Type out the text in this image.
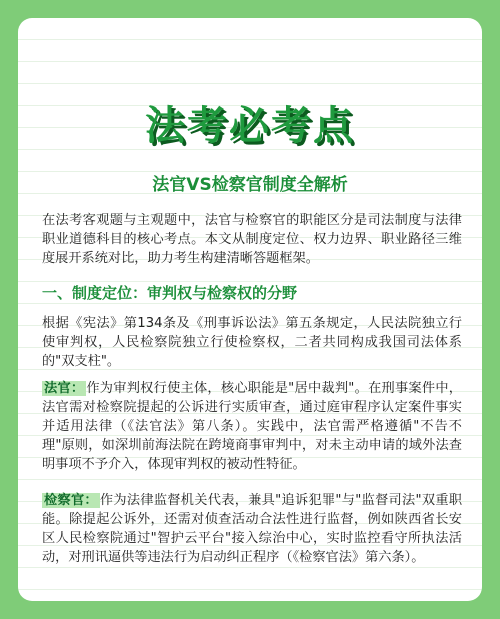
法考必考点
法官VS检察官制度全解析
在法考客观题与主观题中，法官与检察官的职能区分是司法制度与法律职业道德科目的核心考点。本文从制度定位、权力边界、职业路径三维度展开系统对比，助力考生构建清晰答题框架。
一、制度定位：审判权与检察权的分野
根据《宪法》第134条及《刑事诉讼法》第五条规定，人民法院独立行使审判权，人民检察院独立行使检察权，二者共同构成我国司法体系的"双支柱"。
法官： 作为审判权行使主体，核心职能是"居中裁判"。在刑事案件中，法官需对检察院提起的公诉进行实质审查，通过庭审程序认定案件事实并适用法律（《法官法》第八条）。实践中，法官需严格遵循"不告不理"原则，如深圳前海法院在跨境商事审判中，对未主动申请的域外法查明事项不予介入，体现审判权的被动性特征。
检察官： 作为法律监督机关代表，兼具"追诉犯罪"与"监督司法"双重职能。除提起公诉外，还需对侦查活动合法性进行监督，例如陕西省长安区人民检察院通过"智护云平台"接入综治中心，实时监控看守所执法活动，对刑讯逼供等违法行为启动纠正程序（《检察官法》第六条）。
